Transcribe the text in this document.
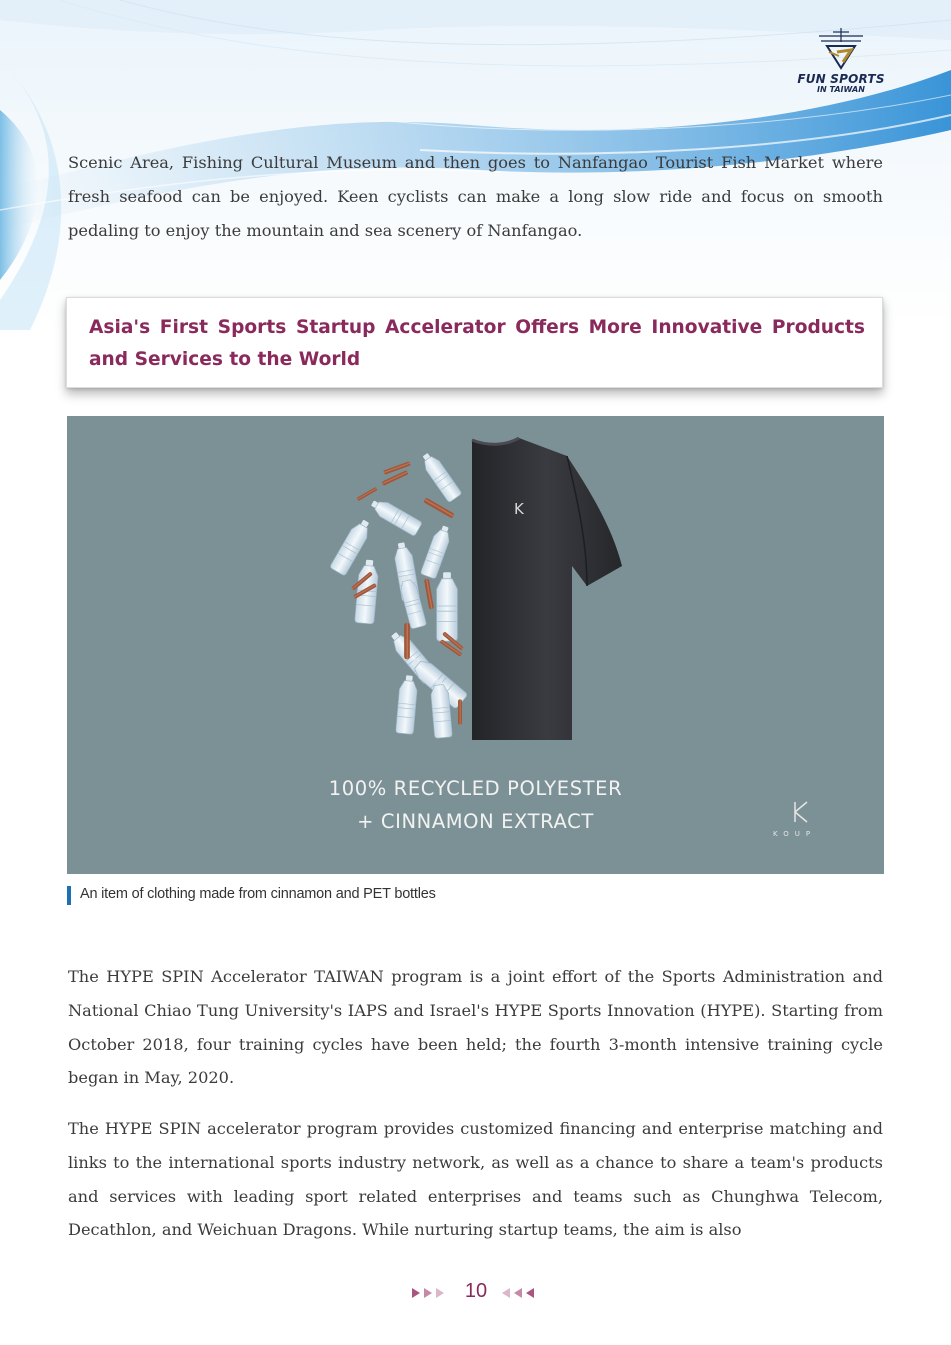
FUN SPORTS
IN TAIWAN

Scenic Area, Fishing Cultural Museum and then goes to Nanfangao Tourist Fish Market where fresh seafood can be enjoyed. Keen cyclists can make a long slow ride and focus on smooth pedaling to enjoy the mountain and sea scenery of Nanfangao.

Asia's First Sports Startup Accelerator Offers More Innovative Products and Services to the World
K
100% RECYCLED POLYESTER
+ CINNAMON EXTRACT
KOUP
An item of clothing made from cinnamon and PET bottles

The HYPE SPIN Accelerator TAIWAN program is a joint effort of the Sports Administration and National Chiao Tung University's IAPS and Israel's HYPE Sports Innovation (HYPE). Starting from October 2018, four training cycles have been held; the fourth 3-month intensive training cycle began in May, 2020.

The HYPE SPIN accelerator program provides customized financing and enterprise matching and links to the international sports industry network, as well as a chance to share a team's products and services with leading sport related enterprises and teams such as Chunghwa Telecom, Decathlon, and Weichuan Dragons. While nurturing startup teams, the aim is also

10
